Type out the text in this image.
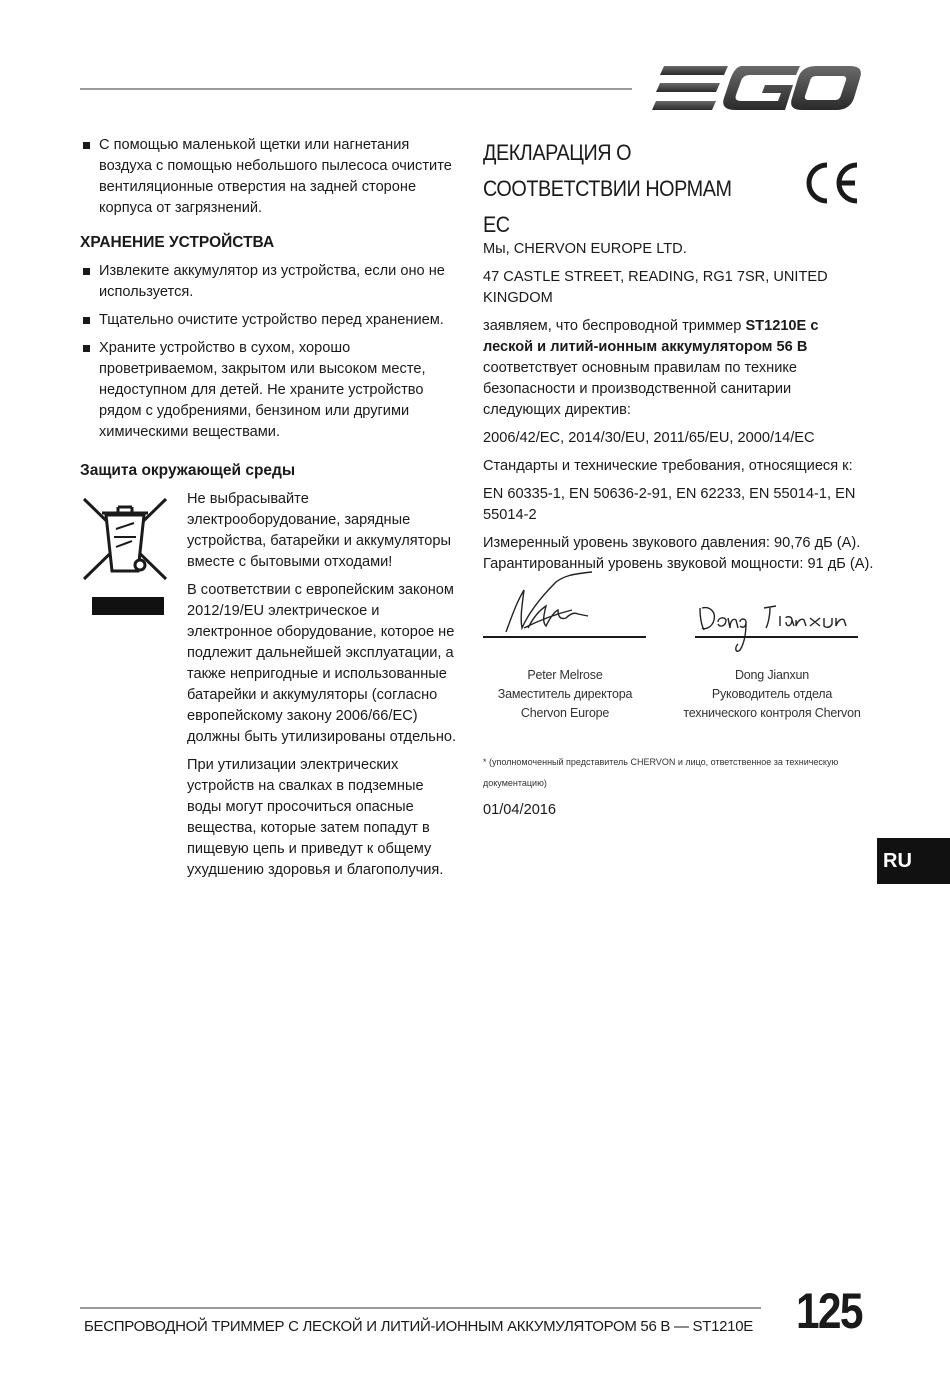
С помощью маленькой щетки или нагнетания воздуха с помощью небольшого пылесоса очистите вентиляционные отверстия на задней стороне корпуса от загрязнений.
ХРАНЕНИЕ УСТРОЙСТВА
Извлеките аккумулятор из устройства, если оно не используется.
Тщательно очистите устройство перед хранением.
Храните устройство в сухом, хорошо проветриваемом, закрытом или высоком месте, недоступном для детей. Не храните устройство рядом с удобрениями, бензином или другими химическими веществами.
Защита окружающей среды

Не выбрасывайте электрооборудование, зарядные устройства, батарейки и аккумуляторы вместе с бытовыми отходами!

В соответствии с европейским законом 2012/19/EU электрическое и электронное оборудование, которое не подлежит дальнейшей эксплуатации, а также непригодные и использованные батарейки и аккумуляторы (согласно европейскому закону 2006/66/EC) должны быть утилизированы отдельно.

При утилизации электрических устройств на свалках в подземные воды могут просочиться опасные вещества, которые затем попадут в пищевую цепь и приведут к общему ухудшению здоровья и благополучия.

ДЕКЛАРАЦИЯ О СООТВЕТСТВИИ НОРМАМ ЕС

Мы, CHERVON EUROPE LTD.

47 CASTLE STREET, READING, RG1 7SR, UNITED KINGDOM

заявляем, что беспроводной триммер ST1210E с леской и литий-ионным аккумулятором 56 В соответствует основным правилам по технике безопасности и производственной санитарии следующих директив:

2006/42/EC, 2014/30/EU, 2011/65/EU, 2000/14/EC

Стандарты и технические требования, относящиеся к:

EN 60335-1, EN 50636-2-91, EN 62233, EN 55014-1, EN 55014-2

Измеренный уровень звукового давления: 90,76 дБ (А).
Гарантированный уровень звуковой мощности: 91 дБ (А).

Peter Melrose
Заместитель директора
Chervon Europe
Dong Jianxun
Руководитель отдела
технического контроля Chervon
* (уполномоченный представитель CHERVON и лицо, ответственное за техническую документацию)
01/04/2016
RU
БЕСПРОВОДНОЙ ТРИММЕР С ЛЕСКОЙ И ЛИТИЙ-ИОННЫМ АККУМУЛЯТОРОМ 56 В — ST1210E 125
